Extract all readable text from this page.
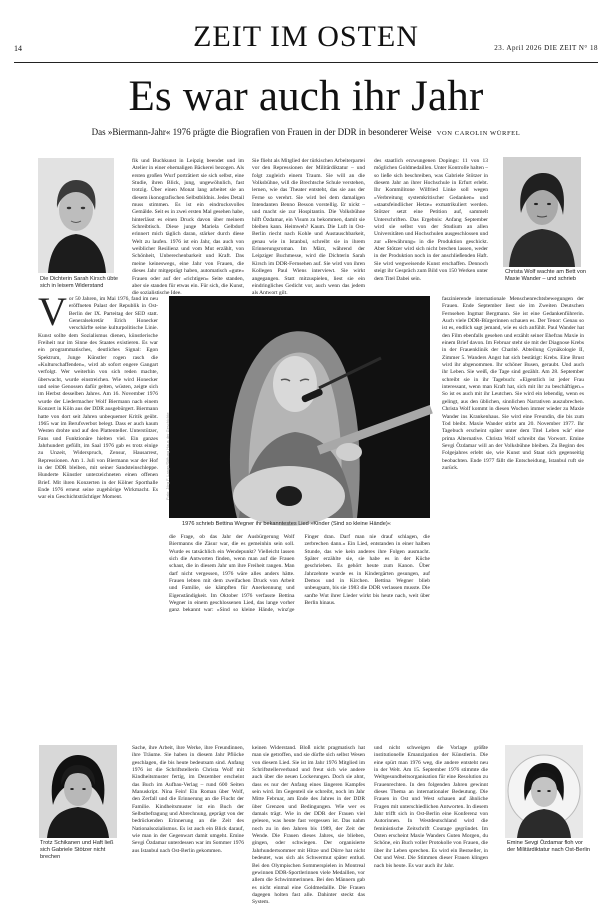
14	ZEIT IM OSTEN	23. April 2026 DIE ZEIT N° 18
Es war auch ihr Jahr
Das »Biermann-Jahr« 1976 prägte die Biografien von Frauen in der DDR in besonderer Weise VON CAROLIN WÜRFEL
Die Dichterin Sarah Kirsch übte sich in leisem Widerstand
Christa Wolf wachte am Bett von Maxie Wander – und schrieb

fik und Buchkunst in Leipzig beendet und im Atelier in einer ehemaligen Bäckerei bezogen. Als ersten großen Wurf porträtiert sie sich selbst, eine Studie, ihren Blick, jung, ungewöhnlich, fast trotzig. Über einen Monat lang arbeitet sie an diesem ikonografischen Selbstbildnis. Jedes Detail muss stimmen. Es ist ein eindrucksvolles Gemälde. Seit es in zwei ersten Mal gesehen habe, hinterlässt es einen Druck davon über meinem Schreibtisch. Diese junge Mariela Gelbdorf erinnert mich täglich daran, stärker durch diese Welt zu laufen. 1976 ist ein Jahr, das auch von weiblicher Resilienz und vom Mut erzählt, von Schönheit, Unberechenbarkeit und Kraft. Das meine keineswegs, eine Jahr von Frauen, die dieses Jahr mitgeprägt haben, automatisch »gute« Frauen oder auf der »richtigen« Seite standen, aber sie standen für etwas ein. Für sich, die Kunst, die sozialistische Idee.

Sie flieht als Mitglied der türkischen Arbeiterpartei vor den Repressionen der Militärdiktatur – und folgt zugleich einem Traum. Sie will an die Volksbühne, will die Brechtsche Schule verstehen, lernen, wie das Theater entsteht, das sie aus der Ferne so verehrt. Sie wird bei dem damaligen Intendanten Benno Besson vorstellig. Er nickt – und macht sie zur Hospitantin. Die Volksbühne hilft Özdamar, ein Visum zu bekommen, damit sie bleiben kann. Heimweh? Kaum. Die Luft in Ost-Berlin riecht nach Kohle und Austauschbarkeit, genau wie in Istanbul, schreibt sie in ihrem Erinnerungsroman. Im März, während der Leipziger Buchmesse, wird die Dichterin Sarah Kirsch im DDR-Fernsehen auf. Sie wird von ihren Kollegen Paul Wiens interviewt. Sie wirkt angegangen. Statt mitzuspielen, liest sie ein eindringliches Gedicht vor, auch wenn das jedem als Antwort gilt.

des staatlich erzwungenen Dopings: 11 von 13 möglichen Goldmedaillen. Unter Kontrolle halten – so ließe sich beschreiben, was Gabriele Stötzer in diesem Jahr an ihrer Hochschule in Erfurt erlebt. Ihr Kommilitone Wilfried Linke soll wegen »Verbreitung systemkritischer Gedanken« und »staatsfeindlicher Hetze« exmatrikuliert werden. Stötzer setzt eine Petition auf, sammelt Unterschriften. Das Ergebnis: Anfang September wird sie selbst von der Studium an allen Universitäten und Hochschulen ausgeschlossen und zur »Bewährung« in die Produktion geschickt. Aber Stötzer wird sich nicht brechen lassen, weder in der Produktion noch in der anschließenden Haft. Sie wird wegweisende Kunst erschaffen. Dennoch steigt ihr Gespräch zum Bild von 150 Werken unter dem Titel Dabei sein.

V or 50 Jahren, im Mai 1976, fand im neu eröffneten Palast der Republik in Ost-Berlin der IX. Parteitag der SED statt. Generalsekretär Erich Honecker verschärfte seine kulturpolitische Linie. Kunst sollte dem Sozialismus dienen, künstlerische Freiheit nur im Sinne des Staates existieren. Es war ein programmatisches, deutliches Signal: Egon Spektrum, Junge Künstler rogen rasch die »Kulturschaffenden«, wird ab sofort engere Gangart verfolgt. Wer weiterhin von sich reden machte, überwacht, wurde einstreichen. Wie wird Honecker und seine Genossen dafür gelten, wüsten, zeigte sich im Herbst desselben Jahres. Am 16. November 1976 wurde der Liedermacher Wolf Biermann nach einem Konzert in Köln aus der DDR ausgebürgert. Biermann hatte von dort seit Jahren unbequemer Kritik geübt. 1965 war im Berufsverbot belegt. Dass er auch kaum Westen drohte und auf den Plattenteller. Unterstützer, Fans und Funktionäre hielten viel. Ein ganzes Jahrhundert gefüllt, im Saal 1976 gab es trotz einige zu Unzeit, Widerspruch, Zensur, Hausarrest, Repressionen. Am 1. Juli von Biermann war der Hof in der DDR bleiben, mit seiner Sandsteinschleppe. Hunderte Künstler unterzeichneten einen offenen Brief. Mit ihren Konzerten in der Kölner Sporthalle Ende 1976 erneut seine zugehörige Wirkmacht. Es war ein Geschichtsträchtiger Moment.	Foto: Jörg F. Lange/Stiftung Haus der Geschichte
1976 schrieb Bettina Wegner ihr bekanntestes Lied »Kinder (Sind so kleine Hände)«

faszinierende internationale Menschenrechtsbewegungen der Frauen. Ende September liest sie im Zweiten Deutschen Fernsehen Ingmar Bergmann. Sie ist eine Gedankenführerin. Auch viele DDR-Bürgerinnen schauen es. Der Tenor: Genau so ist es, endlich sagt jemand, wie es sich anfühlt. Paul Wander hat den Film ebenfalls gesehen und erzählt seiner Ehefrau Maxie in einem Brief davon. Im Februar steht sie mit der Diagnose Krebs in der Frauenklinik der Charité. Abteilung Gynäkologie II, Zimmer 5. Wanders Angst hat sich bestätigt: Krebs. Eine Brust wird ihr abgenommen. Ihr schöner Busen, geraubt. Und auch ihr Leben. Sie weiß, die Tage sind gezählt. Am 28. September schreibt sie in ihr Tagebuch: »Eigentlich ist jeder Frau interessant, wenn man Kraft hat, sich mit ihr zu beschäftigen.« So ist es auch mit ihr Leutchen. Sie wird ein lebendig, wenn es gelingt, aus den üblichen, sinnlichen Narrativen auszubrechen. Christa Wolf kommt in diesen Wochen immer wieder zu Maxie Wander ins Krankenhaus. Sie wird eine Freundin, die bis zum Tod bleibt. Maxie Wander stirbt am 20. November 1977. Ihr Tagebuch erscheint später unter dem Titel Leben wär' eine prima Alternative. Christa Wolf schreibt das Vorwort. Emine Sevgi Özdamar will an der Volksbühne bleiben. Zu Beginn des Folgejahres erlebt sie, wie Kunst und Staat sich gegenseitig beobachten. Ende 1977 fällt die Entscheidung, Istanbul ruft sie zurück.

Trotz Schikanen und Haft ließ sich Gabriele Stötzer nicht brechen
Emine Sevgi Özdamar floh vor der Militärdiktatur nach Ost-Berlin

Sache, ihre Arbeit, ihre Werke, ihre Freundinnen, ihre Träume. Sie haben in diesem Jahr Pflöcke geschlagen, die bis heute bedeutsam sind. Anfang 1976 ist die Schriftstellerin Christa Wolf mit Kindheitsmuster fertig, im Dezember erscheint das Buch im Aufbau-Verlag – rund 600 Seiten Manuskript. Nina Fein! Ein Roman über Wolf, den Zerfall und die Erinnerung an die Flucht der Familie. Kindheitsmuster ist ein Buch der Selbstbefragung und Abrechnung, geprägt von der bedrückenden Erinnerung an die Zeit des Nationalsozialismus. Es ist auch ein Blick darauf, wie man in der Gegenwart damit umgeht. Emine Sevgi Özdamar unterdessen war im Sommer 1976 aus Istanbul nach Ost-Berlin gekommen.

keinen Widerstand. Bloß nicht pragmatisch hat man sie getroffen, und sie dürfte sich selbst Wesen von diesem Lied. Sie ist im Jahr 1976 Mitglied im Schriftstellerverband und freut sich wie andere auch über die neuen Lockerungen. Doch sie ahnt, dass es nur der Anfang eines längeren Kampfes sein wird. Im Gegenteil sie schreibt, noch im Jahr Mitte Februar, am Ende des Jahres in der DDR über Grenzen und Bedingungen. Wie wer es damals trägt. Wie in der DDR der Frauen viel gelesen, was heute fast vergessen ist. Das nahm noch zu in den Jahren bis 1989, der Zeit der Wende. Die Frauen dieses Jahres, sie blieben, gingen, oder schwiegen. Der organisierte Jahrhundertsommer mit Hitze und Dürre hat nicht bedeutet, was sich als Schwermut später entlud. Bei den Olympischen Sommerspielen in Montreal gewinnen DDR-Sportlerinnen viele Medaillen, vor allem die Schwimmerinnen. Bei den Männern gab es nicht einmal eine Goldmedaille. Die Frauen dagegen holten fast alle. Dahinter steckt das System.

und nicht schweigen die Vorlage größte institutionelle Emanzipation der Künstlerin. Die eine spürt man 1976 weg, die andere entsteht neu in der Welt. Am 15. September 1976 stimmte die Weltgesundheitsorganisation für eine Resolution zu Frauenrechten. In den folgenden Jahren gewinnt dieses Thema an internationaler Bedeutung. Die Frauen in Ost und West schauen auf ähnliche Fragen mit unterschiedlichen Antworten. In diesem Jahr trifft sich in Ost-Berlin eine Konferenz von Autorinnen. In Westdeutschland wird die feministische Zeitschrift Courage gegründet. Im Osten erscheint Maxie Wanders Guten Morgen, du Schöne, ein Buch voller Protokolle von Frauen, die über ihr Leben sprechen. Es wird ein Bestseller, in Ost und West. Die Stimmen dieser Frauen klingen nach bis heute. Es war auch ihr Jahr.

die Frage, ob das Jahr der Ausbürgerung Wolf Biermanns die Zäsur war, die es gemeinhin sein soll. Wurde es tatsächlich ein Wendepunkt? Vielleicht lassen sich die Antworten finden, wenn man auf die Frauen schaut, die in diesem Jahr um ihre Freiheit rangen. Man darf nicht vergessen, 1976 wäre alles anders hätte. Frauen lebten mit dem zweifachen Druck von Arbeit und Familie, sie kämpften für Anerkennung und Eigenständigkeit. Im Oktober 1976 verfasste Bettina Wegner in einem geschlossenen Lied, das lange vorher ganz bekannt war: »Sind so kleine Hände, winz'ge Finger dran. Darf man nie drauf schlagen, die zerbrechen dann.« Ein Lied, entstanden in einer halben Stunde, das wie kein anderes ihre Folgen ausmacht. Später erzählte sie, sie habe es in der Küche geschrieben. Es gehört heute zum Kanon. Über Jahrzehnte wurde es in Kindergärten gesungen, auf Demos und in Kirchen. Bettina Wegner blieb unbeugsam, bis sie 1983 die DDR verlassen musste. Die sanfte Wut ihrer Lieder wirkt bis heute nach, weit über Berlin hinaus.
